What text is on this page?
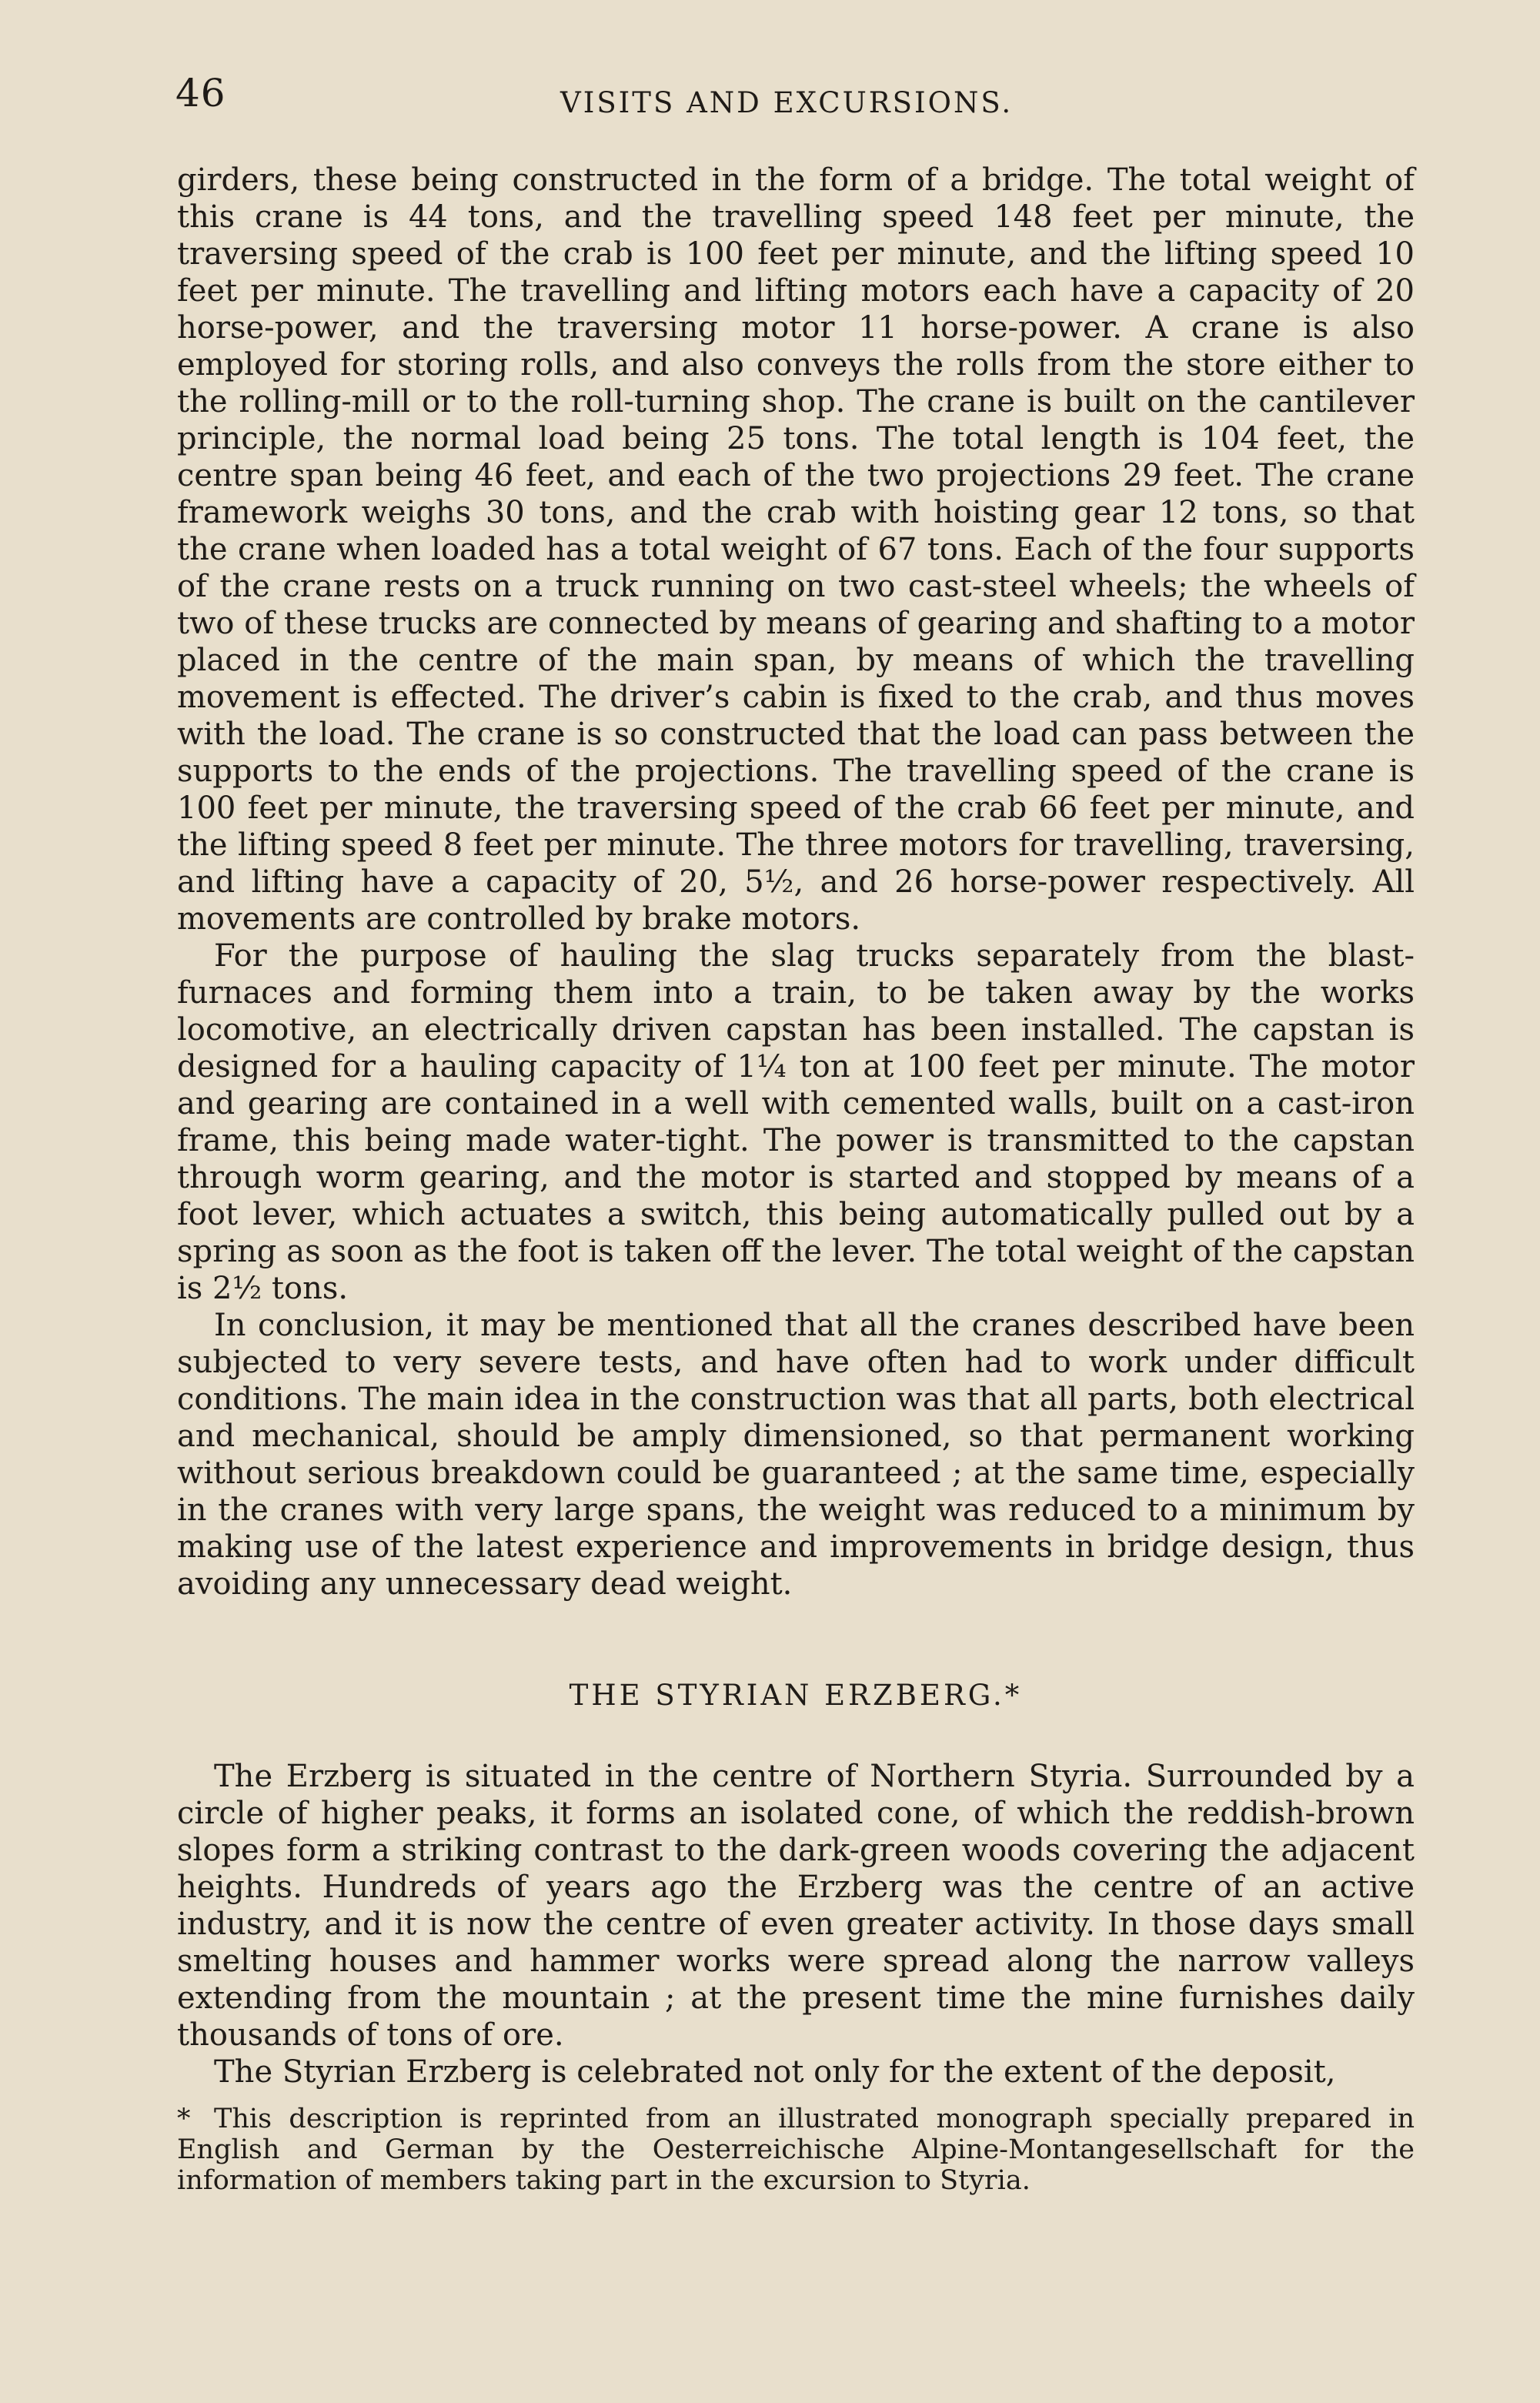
46	VISITS AND EXCURSIONS.

girders, these being constructed in the form of a bridge. The total weight of this crane is 44 tons, and the travelling speed 148 feet per minute, the traversing speed of the crab is 100 feet per minute, and the lifting speed 10 feet per minute. The travelling and lifting motors each have a capacity of 20 horse-power, and the traversing motor 11 horse-power. A crane is also employed for storing rolls, and also conveys the rolls from the store either to the rolling-mill or to the roll-turning shop. The crane is built on the cantilever principle, the normal load being 25 tons. The total length is 104 feet, the centre span being 46 feet, and each of the two projections 29 feet. The crane framework weighs 30 tons, and the crab with hoisting gear 12 tons, so that the crane when loaded has a total weight of 67 tons. Each of the four supports of the crane rests on a truck running on two cast-steel wheels; the wheels of two of these trucks are connected by means of gearing and shafting to a motor placed in the centre of the main span, by means of which the travelling movement is effected. The driver’s cabin is fixed to the crab, and thus moves with the load. The crane is so constructed that the load can pass between the supports to the ends of the projections. The travelling speed of the crane is 100 feet per minute, the traversing speed of the crab 66 feet per minute, and the lifting speed 8 feet per minute. The three motors for travelling, traversing, and lifting have a capacity of 20, 5½, and 26 horse-power respectively. All movements are controlled by brake motors.

For the purpose of hauling the slag trucks separately from the blast-furnaces and forming them into a train, to be taken away by the works locomotive, an electrically driven capstan has been installed. The capstan is designed for a hauling capacity of 1¼ ton at 100 feet per minute. The motor and gearing are contained in a well with cemented walls, built on a cast-iron frame, this being made water-tight. The power is transmitted to the capstan through worm gearing, and the motor is started and stopped by means of a foot lever, which actuates a switch, this being automatically pulled out by a spring as soon as the foot is taken off the lever. The total weight of the capstan is 2½ tons.

In conclusion, it may be mentioned that all the cranes described have been subjected to very severe tests, and have often had to work under difficult conditions. The main idea in the construction was that all parts, both electrical and mechanical, should be amply dimensioned, so that permanent working without serious breakdown could be guaranteed ; at the same time, especially in the cranes with very large spans, the weight was reduced to a minimum by making use of the latest experience and improvements in bridge design, thus avoiding any unnecessary dead weight.

THE STYRIAN ERZBERG.*

The Erzberg is situated in the centre of Northern Styria. Surrounded by a circle of higher peaks, it forms an isolated cone, of which the reddish-brown slopes form a striking contrast to the dark-green woods covering the adjacent heights. Hundreds of years ago the Erzberg was the centre of an active industry, and it is now the centre of even greater activity. In those days small smelting houses and hammer works were spread along the narrow valleys extending from the mountain ; at the present time the mine furnishes daily thousands of tons of ore.

The Styrian Erzberg is celebrated not only for the extent of the deposit,

* This description is reprinted from an illustrated monograph specially prepared in English and German by the Oesterreichische Alpine-Montangesellschaft for the information of members taking part in the excursion to Styria.
